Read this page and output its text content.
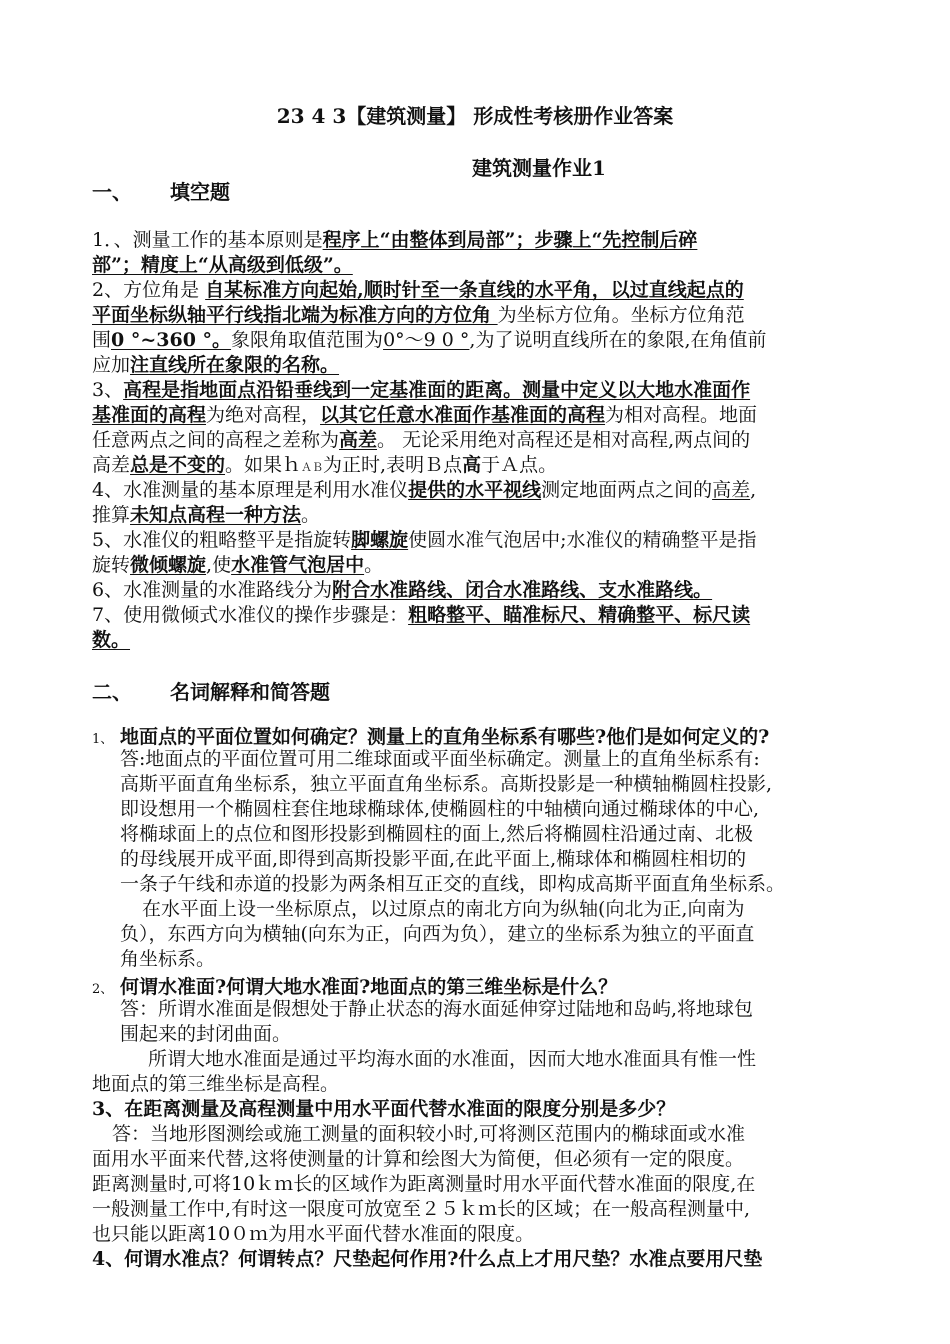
23 4 3【建筑测量】 形成性考核册作业答案
建筑测量作业1
一、 填空题
1．、测量工作的基本原则是程序上“由整体到局部”；步骤上“先控制后碎
部”；精度上“从高级到低级”。
2、方位角是 自某标准方向起始,顺时针至一条直线的水平角，以过直线起点的
平面坐标纵轴平行线指北端为标准方向的方位角 为坐标方位角。坐标方位角范
围0 °~360 °。象限角取值范围为0°～9 0 °,为了说明直线所在的象限,在角值前
应加注直线所在象限的名称。
3、高程是指地面点沿铅垂线到一定基准面的距离。测量中定义以大地水准面作
基准面的高程为绝对高程，以其它任意水准面作基准面的高程为相对高程。地面
任意两点之间的高程之差称为高差。 无论采用绝对高程还是相对高程,两点间的
高差总是不变的。如果ｈＡＢ为正时,表明Ｂ点高于Ａ点。
4、水准测量的基本原理是利用水准仪提供的水平视线测定地面两点之间的高差,
推算未知点高程一种方法。
5、水准仪的粗略整平是指旋转脚螺旋使圆水准气泡居中;水准仪的精确整平是指
旋转微倾螺旋,使水准管气泡居中。
6、水准测量的水准路线分为附合水准路线、闭合水准路线、支水准路线。
7、使用微倾式水准仪的操作步骤是：粗略整平、瞄准标尺、精确整平、标尺读
数。
二、 名词解释和简答题
1、 地面点的平面位置如何确定？测量上的直角坐标系有哪些?他们是如何定义的?
答:地面点的平面位置可用二维球面或平面坐标确定。测量上的直角坐标系有:
高斯平面直角坐标系，独立平面直角坐标系。高斯投影是一种横轴椭圆柱投影,
即设想用一个椭圆柱套住地球椭球体,使椭圆柱的中轴横向通过椭球体的中心,
将椭球面上的点位和图形投影到椭圆柱的面上,然后将椭圆柱沿通过南、北极
的母线展开成平面,即得到高斯投影平面,在此平面上,椭球体和椭圆柱相切的
一条子午线和赤道的投影为两条相互正交的直线，即构成高斯平面直角坐标系。
在水平面上设一坐标原点，以过原点的南北方向为纵轴(向北为正,向南为
负），东西方向为横轴(向东为正，向西为负），建立的坐标系为独立的平面直
角坐标系。
2、 何谓水准面?何谓大地水准面?地面点的第三维坐标是什么？
答：所谓水准面是假想处于静止状态的海水面延伸穿过陆地和岛屿,将地球包
围起来的封闭曲面。
所谓大地水准面是通过平均海水面的水准面，因而大地水准面具有惟一性
地面点的第三维坐标是高程。
3、在距离测量及高程测量中用水平面代替水准面的限度分别是多少？
答：当地形图测绘或施工测量的面积较小时,可将测区范围内的椭球面或水准
面用水平面来代替,这将使测量的计算和绘图大为简便，但必须有一定的限度。
距离测量时,可将10ｋｍ长的区域作为距离测量时用水平面代替水准面的限度,在
一般测量工作中,有时这一限度可放宽至２５ｋｍ长的区域；在一般高程测量中,
也只能以距离10０ｍ为用水平面代替水准面的限度。
4、何谓水准点？何谓转点？尺垫起何作用?什么点上才用尺垫？水准点要用尺垫
